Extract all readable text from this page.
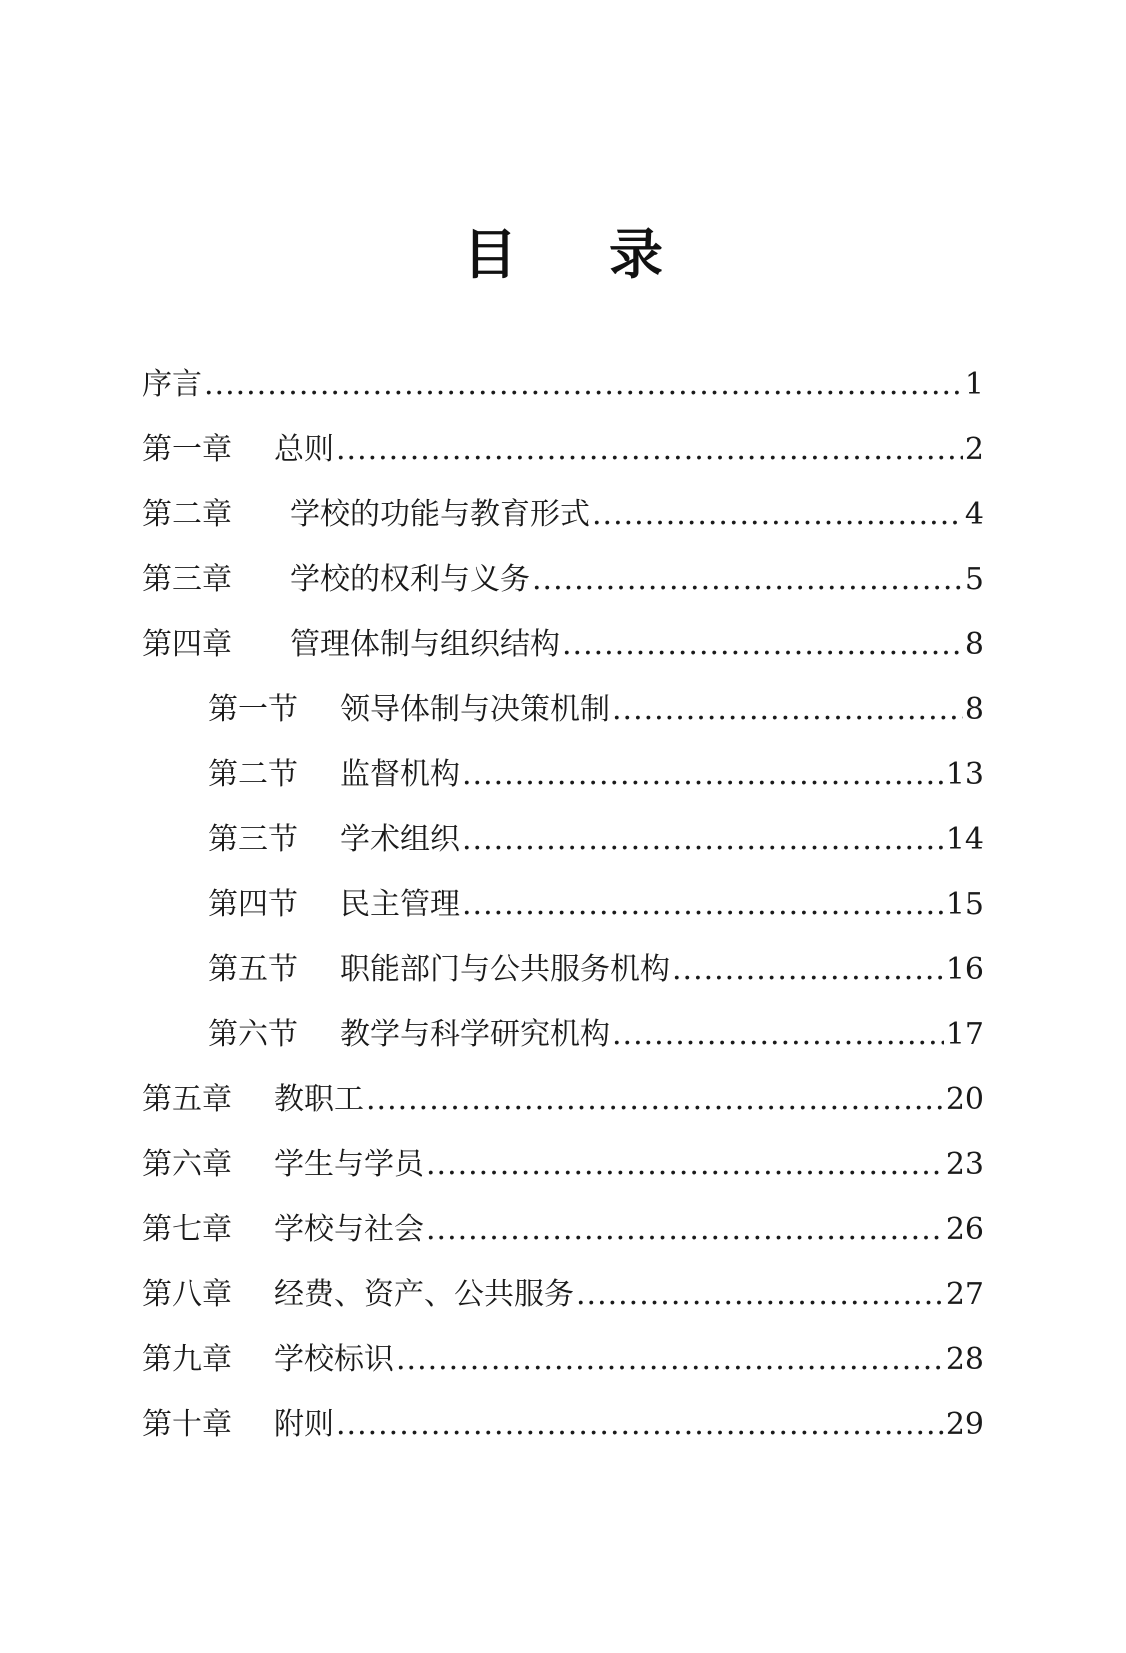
目 录
序言 .....	1
第一章	总则 .....	2
第二章	学校的功能与教育形式 .....	4
第三章	学校的权利与义务 .....	5
第四章	管理体制与组织结构 .....	8
第一节	领导体制与决策机制 .....	8
第二节	监督机构 .....	13
第三节	学术组织 .....	14
第四节	民主管理 .....	15
第五节	职能部门与公共服务机构 .....	16
第六节	教学与科学研究机构 .....	17
第五章	教职工 .....	20
第六章	学生与学员 .....	23
第七章	学校与社会 .....	26
第八章	经费、资产、公共服务 .....	27
第九章	学校标识 .....	28
第十章	附则 .....	29
